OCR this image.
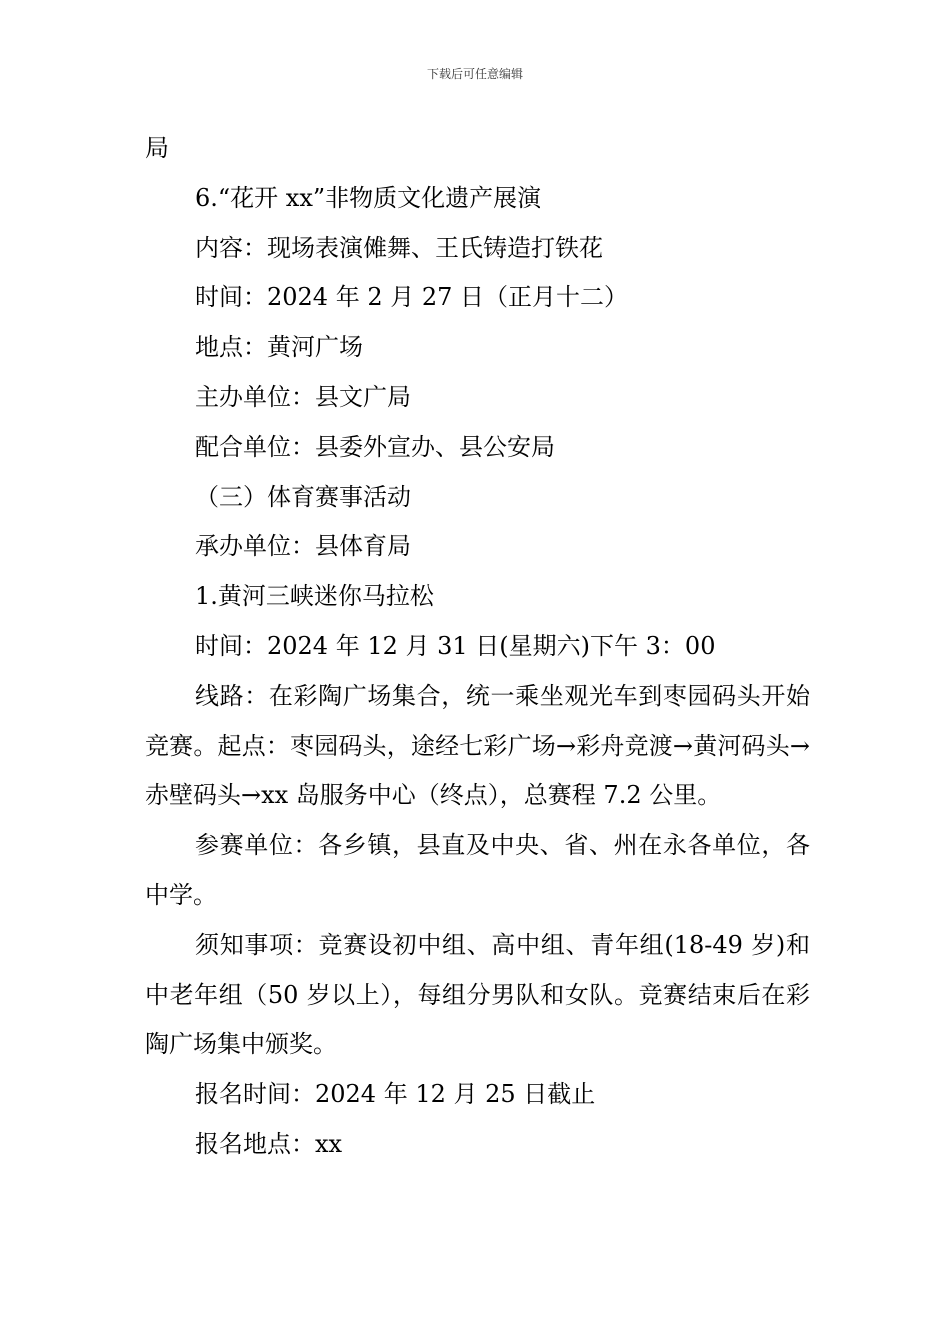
下载后可任意编辑

局

6.“花开 xx”非物质文化遗产展演

内容：现场表演傩舞、王氏铸造打铁花

时间：2024 年 2 月 27 日（正月十二）

地点：黄河广场

主办单位：县文广局

配合单位：县委外宣办、县公安局

（三）体育赛事活动

承办单位：县体育局

1.黄河三峡迷你马拉松

时间：2024 年 12 月 31 日(星期六)下午 3：00

线路：在彩陶广场集合，统一乘坐观光车到枣园码头开始竞赛。起点：枣园码头，途经七彩广场→彩舟竞渡→黄河码头→赤壁码头→xx 岛服务中心（终点），总赛程 7.2 公里。

参赛单位：各乡镇，县直及中央、省、州在永各单位，各中学。

须知事项：竞赛设初中组、高中组、青年组(18-49 岁)和中老年组（50 岁以上），每组分男队和女队。竞赛结束后在彩陶广场集中颁奖。

报名时间：2024 年 12 月 25 日截止

报名地点：xx
